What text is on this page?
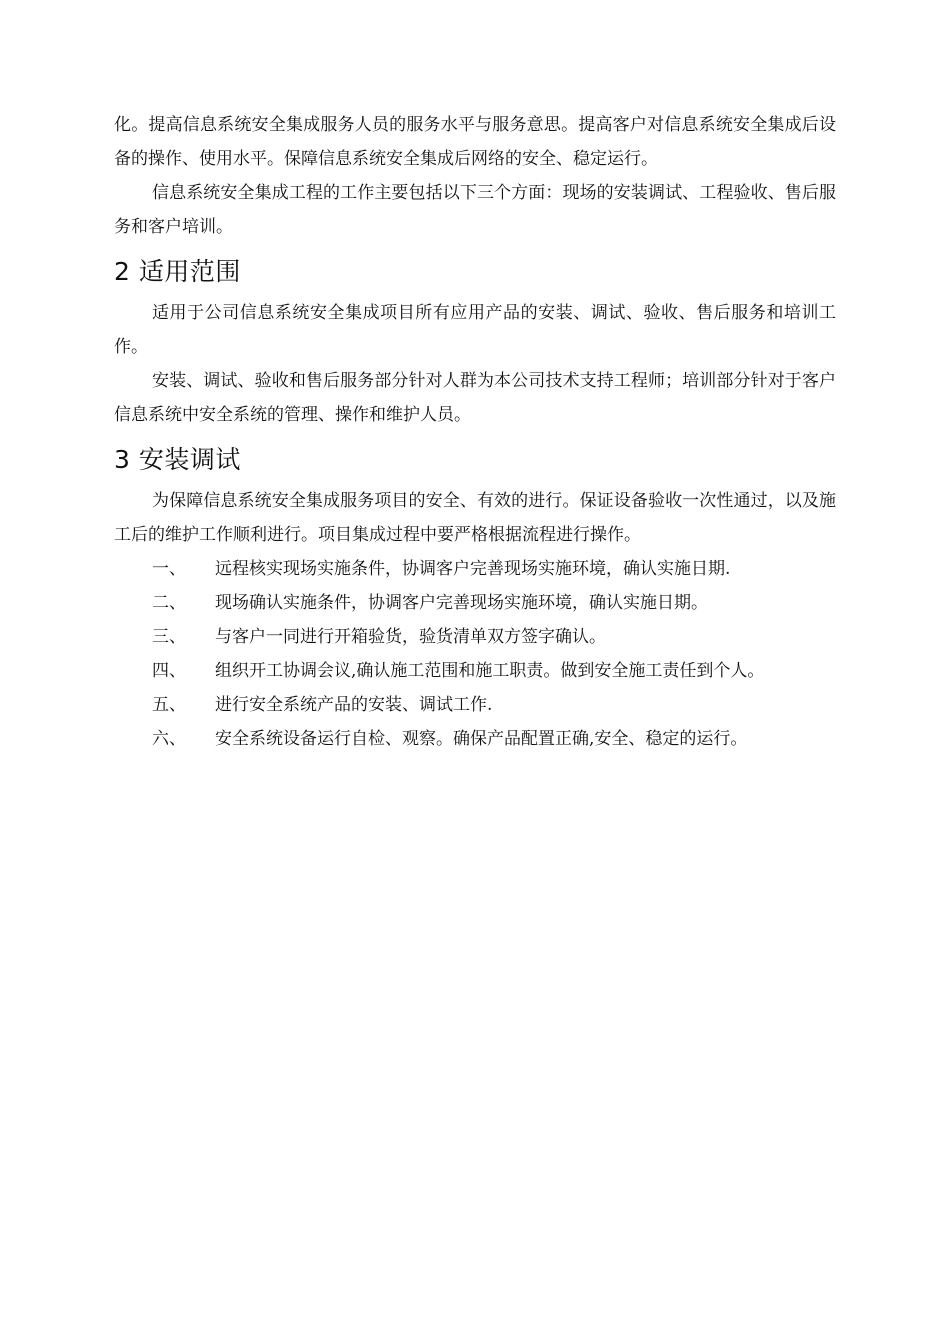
化。提高信息系统安全集成服务人员的服务水平与服务意思。提高客户对信息系统安全集成后设备的操作、使用水平。保障信息系统安全集成后网络的安全、稳定运行。

信息系统安全集成工程的工作主要包括以下三个方面：现场的安装调试、工程验收、售后服务和客户培训。

2 适用范围

适用于公司信息系统安全集成项目所有应用产品的安装、调试、验收、售后服务和培训工作。

安装、调试、验收和售后服务部分针对人群为本公司技术支持工程师；培训部分针对于客户信息系统中安全系统的管理、操作和维护人员。

3 安装调试

为保障信息系统安全集成服务项目的安全、有效的进行。保证设备验收一次性通过，以及施工后的维护工作顺利进行。项目集成过程中要严格根据流程进行操作。

一、	远程核实现场实施条件，协调客户完善现场实施环境，确认实施日期.
二、	现场确认实施条件，协调客户完善现场实施环境，确认实施日期。
三、	与客户一同进行开箱验货，验货清单双方签字确认。
四、	组织开工协调会议,确认施工范围和施工职责。做到安全施工责任到个人。
五、	进行安全系统产品的安装、调试工作.
六、	安全系统设备运行自检、观察。确保产品配置正确,安全、稳定的运行。
